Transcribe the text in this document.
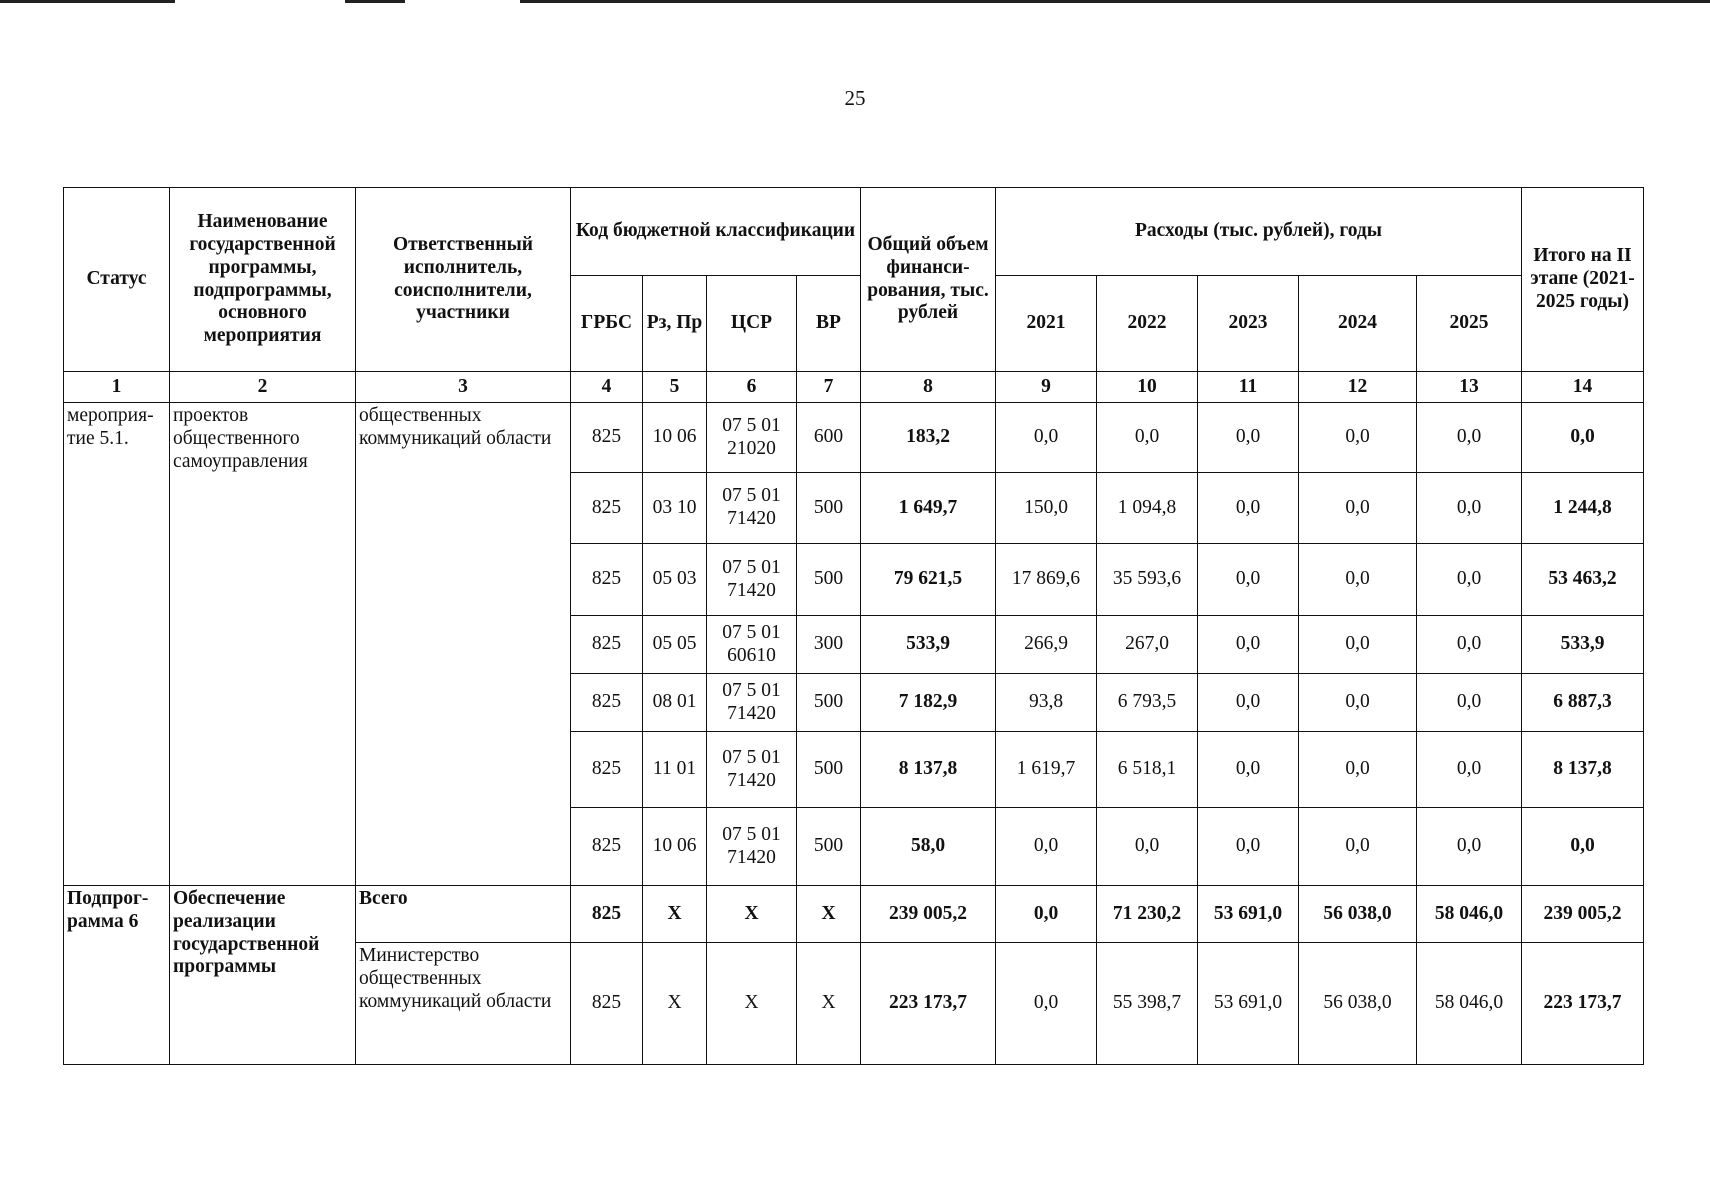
25
Статус	Наименование государственной программы, подпрограммы, основного мероприятия	Ответственный исполнитель, соисполнители, участники	Код бюджетной классификации				Общий объем финанси-рования, тыс. рублей	Расходы (тыс. рублей), годы					Итого на II этапе (2021-2025 годы)
			ГРБС	Рз, Пр	ЦСР	ВР		2021	2022	2023	2024	2025	
1	2	3	4	5	6	7	8	9	10	11	12	13	14
мероприя-тие 5.1.	проектов общественного самоуправления	общественных коммуникаций области	825	10 06	07 5 01 21020	600	183,2	0,0	0,0	0,0	0,0	0,0	0,0
			825	03 10	07 5 01 71420	500	1 649,7	150,0	1 094,8	0,0	0,0	0,0	1 244,8
			825	05 03	07 5 01 71420	500	79 621,5	17 869,6	35 593,6	0,0	0,0	0,0	53 463,2
			825	05 05	07 5 01 60610	300	533,9	266,9	267,0	0,0	0,0	0,0	533,9
			825	08 01	07 5 01 71420	500	7 182,9	93,8	6 793,5	0,0	0,0	0,0	6 887,3
			825	11 01	07 5 01 71420	500	8 137,8	1 619,7	6 518,1	0,0	0,0	0,0	8 137,8
			825	10 06	07 5 01 71420	500	58,0	0,0	0,0	0,0	0,0	0,0	0,0
Подпрог-рамма 6	Обеспечение реализации государственной программы	Всего	825	X	X	X	239 005,2	0,0	71 230,2	53 691,0	56 038,0	58 046,0	239 005,2
		Министерство общественных коммуникаций области	825	X	X	X	223 173,7	0,0	55 398,7	53 691,0	56 038,0	58 046,0	223 173,7
